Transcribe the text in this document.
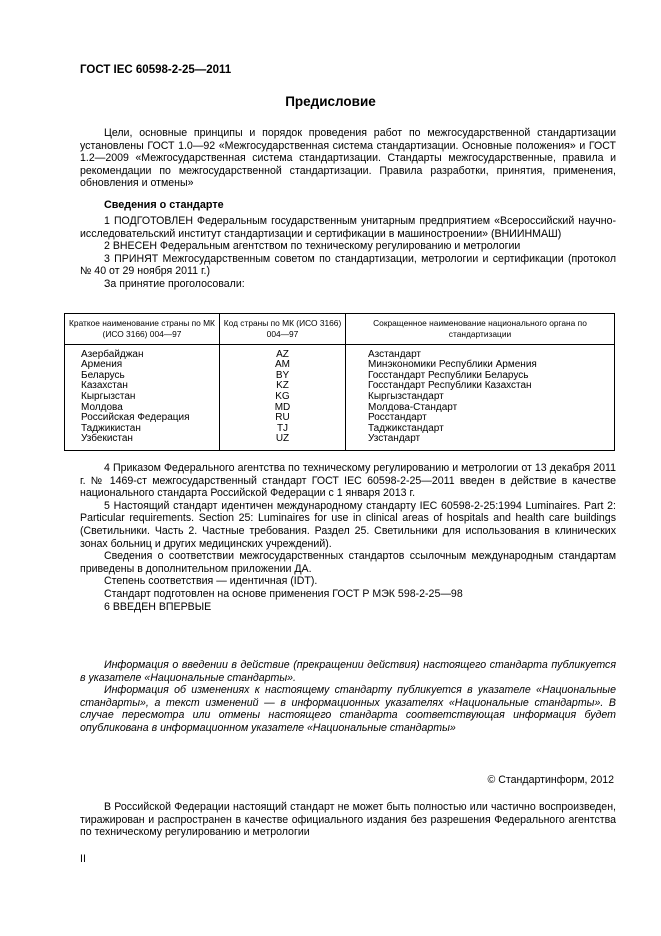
ГОСТ IEC 60598-2-25—2011
Предисловие

Цели, основные принципы и порядок проведения работ по межгосударственной стандартизации установлены ГОСТ 1.0—92 «Межгосударственная система стандартизации. Основные положения» и ГОСТ 1.2—2009 «Межгосударственная система стандартизации. Стандарты межгосударственные, правила и рекомендации по межгосударственной стандартизации. Правила разработки, принятия, применения, обновления и отмены»

Сведения о стандарте

1 ПОДГОТОВЛЕН Федеральным государственным унитарным предприятием «Всероссийский научно-исследовательский институт стандартизации и сертификации в машиностроении» (ВНИИНМАШ)

2 ВНЕСЕН Федеральным агентством по техническому регулированию и метрологии

3 ПРИНЯТ Межгосударственным советом по стандартизации, метрологии и сертификации (протокол № 40 от 29 ноября 2011 г.)

За принятие проголосовали:

Краткое наименование страны по МК (ИСО 3166) 004—97	Код страны по МК (ИСО 3166) 004—97	Сокращенное наименование национального органа по стандартизации
Азербайджан	AZ	Азстандарт
Армения	AM	Минэкономики Республики Армения
Беларусь	BY	Госстандарт Республики Беларусь
Казахстан	KZ	Госстандарт Республики Казахстан
Кыргызстан	KG	Кыргызстандарт
Молдова	MD	Молдова-Стандарт
Российская Федерация	RU	Росстандарт
Таджикистан	TJ	Таджикстандарт
Узбекистан	UZ	Узстандарт

4 Приказом Федерального агентства по техническому регулированию и метрологии от 13 декабря 2011 г. № 1469-ст межгосударственный стандарт ГОСТ IEC 60598-2-25—2011 введен в действие в качестве национального стандарта Российской Федерации с 1 января 2013 г.

5 Настоящий стандарт идентичен международному стандарту IEC 60598-2-25:1994 Luminaires. Part 2: Particular requirements. Section 25: Luminaires for use in clinical areas of hospitals and health care buildings (Светильники. Часть 2. Частные требования. Раздел 25. Светильники для использования в клинических зонах больниц и других медицинских учреждений).

Сведения о соответствии межгосударственных стандартов ссылочным международным стандартам приведены в дополнительном приложении ДА.

Степень соответствия — идентичная (IDT).

Стандарт подготовлен на основе применения ГОСТ Р МЭК 598-2-25—98

6 ВВЕДЕН ВПЕРВЫЕ

Информация о введении в действие (прекращении действия) настоящего стандарта публикуется в указателе «Национальные стандарты».

Информация об изменениях к настоящему стандарту публикуется в указателе «Национальные стандарты», а текст изменений — в информационных указателях «Национальные стандарты». В случае пересмотра или отмены настоящего стандарта соответствующая информация будет опубликована в информационном указателе «Национальные стандарты»

© Стандартинформ, 2012

В Российской Федерации настоящий стандарт не может быть полностью или частично воспроизведен, тиражирован и распространен в качестве официального издания без разрешения Федерального агентства по техническому регулированию и метрологии

II
